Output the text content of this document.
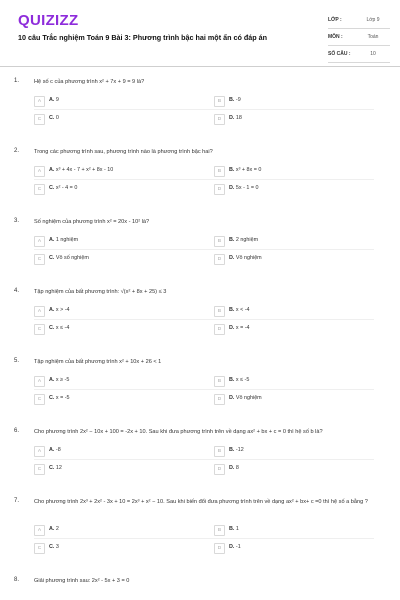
QUIZIZZ
10 câu Trắc nghiệm Toán 9 Bài 3: Phương trình bậc hai một ẩn có đáp án
LỚP :	Lớp 9
MÔN :	Toán
SỐ CÂU :	10
1.	Hệ số c của phương trình x² + 7x + 9 = 9 là?
A	A. 9	B	B. -9
C	C. 0	D	D. 18
2.	Trong các phương trình sau, phương trình nào là phương trình bậc hai?
A	A. x³ + 4x - 7 + x² + 8x - 10	B	B. x³ + 8x = 0
C	C. x² - 4 = 0	D	D. 5x - 1 = 0
3.	Số nghiệm của phương trình x² = 20x - 10² là?
A	A. 1 nghiệm	B	B. 2 nghiệm
C	C. Vô số nghiệm	D	D. Vô nghiệm
4.	Tập nghiệm của bất phương trình: √(x² + 8x + 25) ≤ 3
A	A. x > -4	B	B. x < -4
C	C. x ≤ -4	D	D. x = -4
5.	Tập nghiệm của bất phương trình x² + 10x + 26 < 1
A	A. x ≥ -5	B	B. x ≤ -5
C	C. x = -5	D	D. Vô nghiệm
6.	Cho phương trình 2x² − 10x + 100 = -2x + 10. Sau khi đưa phương trình trên về dạng ax² + bx + c = 0 thì hệ số b là?
A	A. -8	B	B. -12
C	C. 12	D	D. 8
7.	Cho phương trình 2x³ + 2x² - 3x + 10 = 2x³ + x² − 10. Sau khi biến đổi đưa phương trình trên về dạng ax² + bx+ c =0 thì hệ số a bằng ?
A	A. 2	B	B. 1
C	C. 3	D	D. -1
8.	Giải phương trình sau: 2x² - 5x + 3 = 0
